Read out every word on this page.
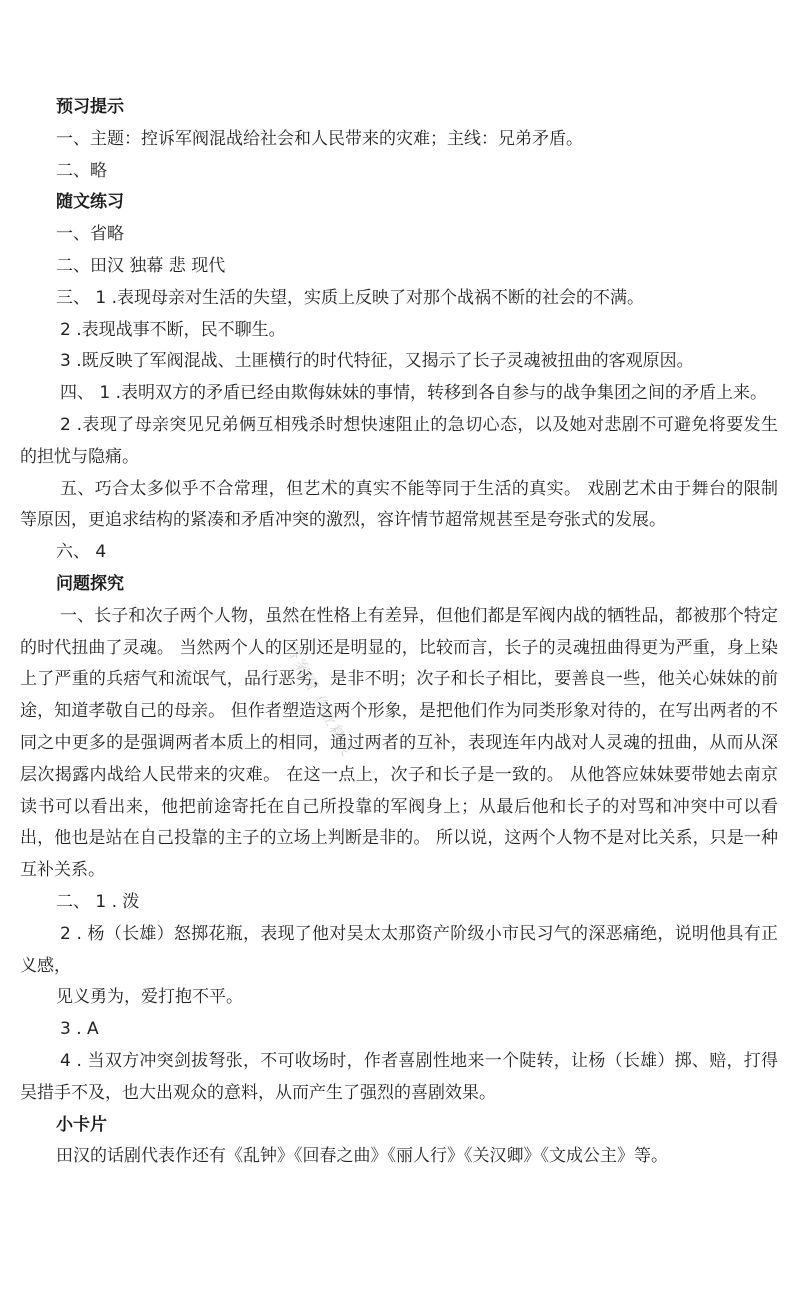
预习提示
一、主题：控诉军阀混战给社会和人民带来的灾难；主线：兄弟矛盾。
二、略
随文练习
一、省略
二、田汉 独幕 悲 现代
三、 1 .表现母亲对生活的失望，实质上反映了对那个战祸不断的社会的不满。
2 .表现战事不断，民不聊生。
3 .既反映了军阀混战、土匪横行的时代特征，又揭示了长子灵魂被扭曲的客观原因。
四、 1 .表明双方的矛盾已经由欺侮妹妹的事情，转移到各自参与的战争集团之间的矛盾上来。
2 .表现了母亲突见兄弟俩互相残杀时想快速阻止的急切心态，以及她对悲剧不可避免将要发生的担忧与隐痛。
五、巧合太多似乎不合常理，但艺术的真实不能等同于生活的真实。 戏剧艺术由于舞台的限制等原因，更追求结构的紧凑和矛盾冲突的激烈，容许情节超常规甚至是夸张式的发展。
六、 4
问题探究
一、长子和次子两个人物，虽然在性格上有差异，但他们都是军阀内战的牺牲品，都被那个特定的时代扭曲了灵魂。 当然两个人的区别还是明显的，比较而言，长子的灵魂扭曲得更为严重，身上染上了严重的兵痞气和流氓气，品行恶劣，是非不明；次子和长子相比，要善良一些，他关心妹妹的前途，知道孝敬自己的母亲。 但作者塑造这两个形象，是把他们作为同类形象对待的，在写出两者的不同之中更多的是强调两者本质上的相同，通过两者的互补，表现连年内战对人灵魂的扭曲，从而从深层次揭露内战给人民带来的灾难。 在这一点上，次子和长子是一致的。 从他答应妹妹要带她去南京读书可以看出来，他把前途寄托在自己所投靠的军阀身上；从最后他和长子的对骂和冲突中可以看出，他也是站在自己投靠的主子的立场上判断是非的。 所以说，这两个人物不是对比关系，只是一种互补关系。
二、 1 . 泼
2 . 杨（长雄）怒掷花瓶，表现了他对吴太太那资产阶级小市民习气的深恶痛绝，说明他具有正义感，
见义勇为，爱打抱不平。
3 . A
4 . 当双方冲突剑拔弩张，不可收场时，作者喜剧性地来一个陡转，让杨（长雄）掷、赔，打得吴措手不及，也大出观众的意料，从而产生了强烈的喜剧效果。
小卡片
田汉的话剧代表作还有《乱钟》《回春之曲》《丽人行》《关汉卿》《文成公主》等。
答案圈 作业精灵
